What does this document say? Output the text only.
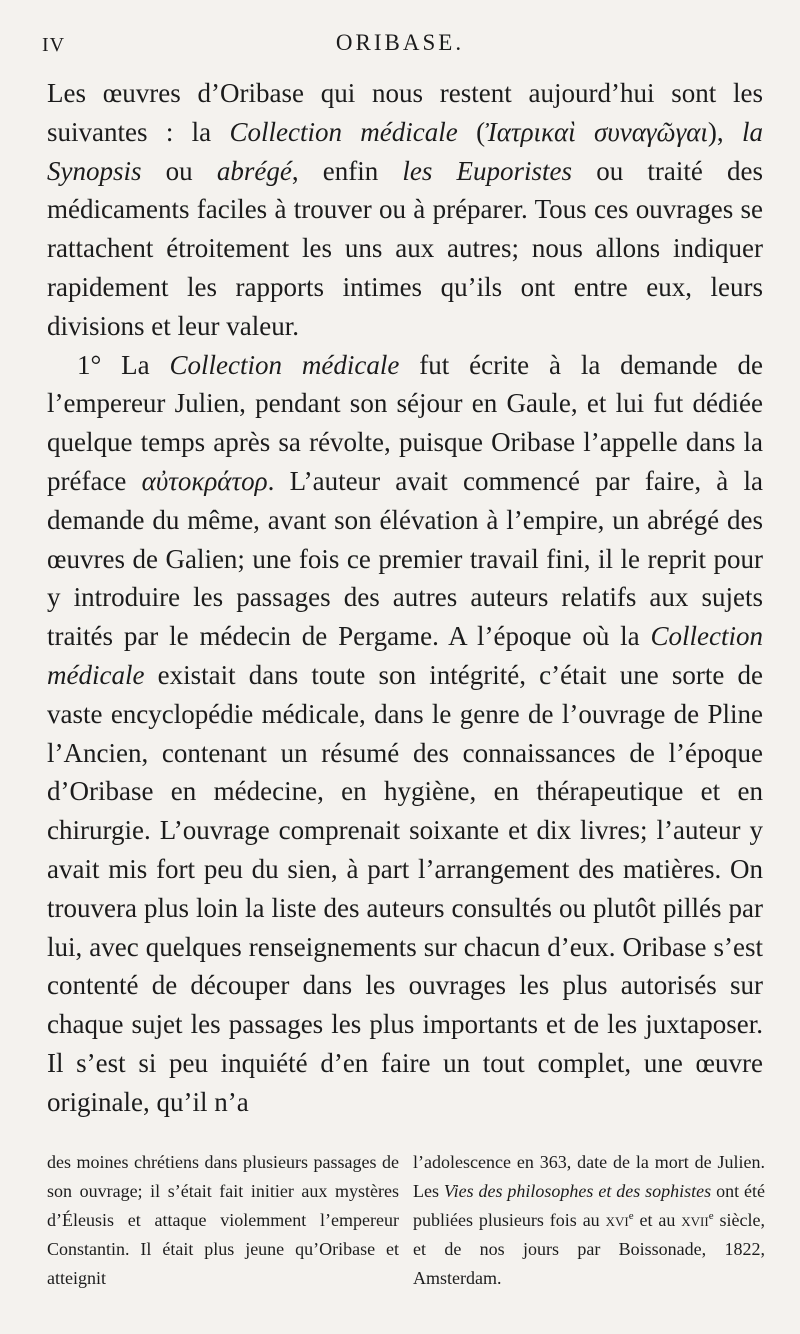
IV	ORIBASE.

Les œuvres d’Oribase qui nous restent aujourd’hui sont les suivantes : la Collection médicale (Ἰατρικαὶ συναγῶγαι), la Synopsis ou abrégé, enfin les Euporistes ou traité des médicaments faciles à trouver ou à préparer. Tous ces ouvrages se rattachent étroitement les uns aux autres; nous allons indiquer rapidement les rapports intimes qu’ils ont entre eux, leurs divisions et leur valeur.

1° La Collection médicale fut écrite à la demande de l’empereur Julien, pendant son séjour en Gaule, et lui fut dédiée quelque temps après sa révolte, puisque Oribase l’appelle dans la préface αὐτοκράτορ. L’auteur avait commencé par faire, à la demande du même, avant son élévation à l’empire, un abrégé des œuvres de Galien; une fois ce premier travail fini, il le reprit pour y introduire les passages des autres auteurs relatifs aux sujets traités par le médecin de Pergame. A l’époque où la Collection médicale existait dans toute son intégrité, c’était une sorte de vaste encyclopédie médicale, dans le genre de l’ouvrage de Pline l’Ancien, contenant un résumé des connaissances de l’époque d’Oribase en médecine, en hygiène, en thérapeutique et en chirurgie. L’ouvrage comprenait soixante et dix livres; l’auteur y avait mis fort peu du sien, à part l’arrangement des matières. On trouvera plus loin la liste des auteurs consultés ou plutôt pillés par lui, avec quelques renseignements sur chacun d’eux. Oribase s’est contenté de découper dans les ouvrages les plus autorisés sur chaque sujet les passages les plus importants et de les juxtaposer. Il s’est si peu inquiété d’en faire un tout complet, une œuvre originale, qu’il n’a

des moines chrétiens dans plusieurs passages de son ouvrage; il s’était fait initier aux mystères d’Éleusis et attaque violemment l’empereur Constantin. Il était plus jeune qu’Oribase et atteignit

l’adolescence en 363, date de la mort de Julien. Les Vies des philosophes et des sophistes ont été publiées plusieurs fois au xvi$^e$ et au xvii$^e$ siècle, et de nos jours par Boissonade, 1822, Amsterdam.
